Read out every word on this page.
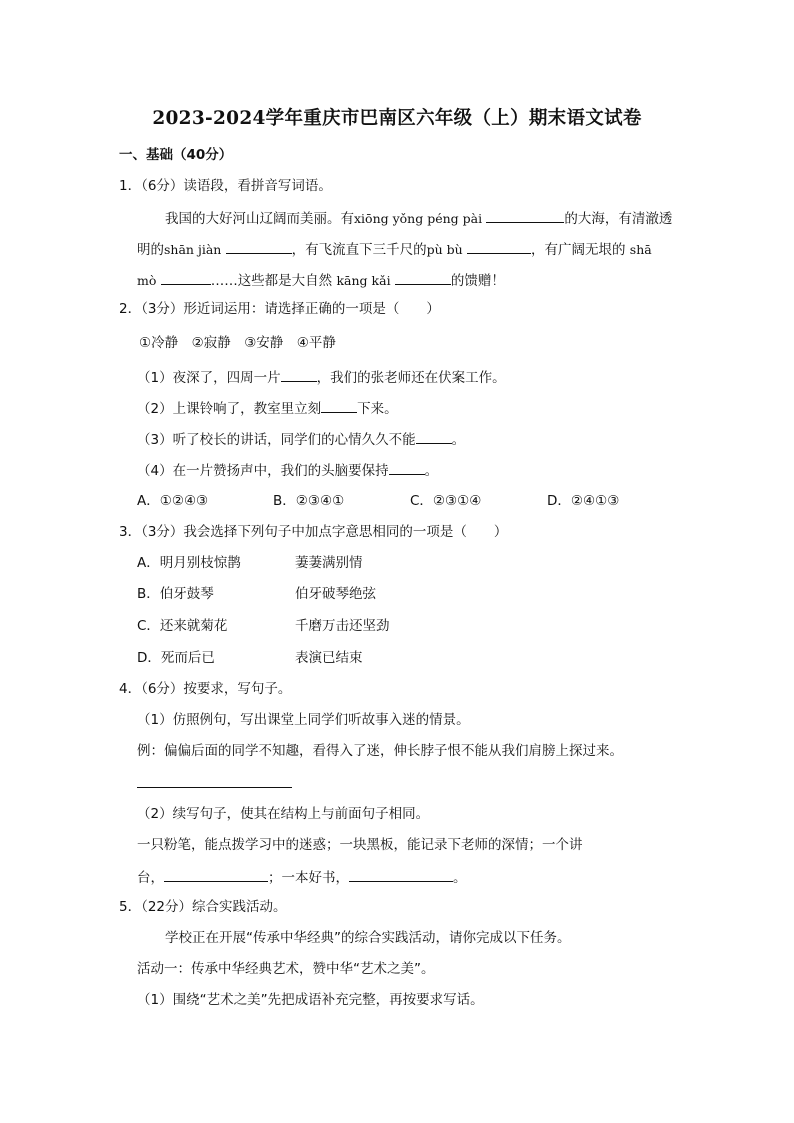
2023-2024学年重庆市巴南区六年级（上）期末语文试卷
一、基础（40分）
1．（6分）读语段，看拼音写词语。
我国的大好河山辽阔而美丽。有xiōng yǒng péng pài	的大海，有清澈透
明的shān jiàn	，有飞流直下三千尺的pù bù	，有广阔无垠的 shā
mò	……这些都是大自然 kāng kǎi	的馈赠！
2．（3分）形近词运用：请选择正确的一项是（　　）
①冷静　②寂静　③安静　④平静
（1）夜深了，四周一片	，我们的张老师还在伏案工作。
（2）上课铃响了，教室里立刻	下来。
（3）听了校长的讲话，同学们的心情久久不能	。
（4）在一片赞扬声中，我们的头脑要保持	。
A．①②④③	B．②③④①	C．②③①④	D．②④①③
3．（3分）我会选择下列句子中加点字意思相同的一项是（　　）
A．明月别枝惊鹊	萋萋满别情
B．伯牙鼓琴	伯牙破琴绝弦
C．还来就菊花	千磨万击还坚劲
D．死而后已	表演已结束
4．（6分）按要求，写句子。
（1）仿照例句，写出课堂上同学们听故事入迷的情景。
例：偏偏后面的同学不知趣，看得入了迷，伸长脖子恨不能从我们肩膀上探过来。
（2）续写句子，使其在结构上与前面句子相同。
一只粉笔，能点拨学习中的迷惑；一块黑板，能记录下老师的深情；一个讲
台，	；一本好书，	。
5．（22分）综合实践活动。
学校正在开展“传承中华经典”的综合实践活动，请你完成以下任务。
活动一：传承中华经典艺术，赞中华“艺术之美”。
（1）围绕“艺术之美”先把成语补充完整，再按要求写话。
